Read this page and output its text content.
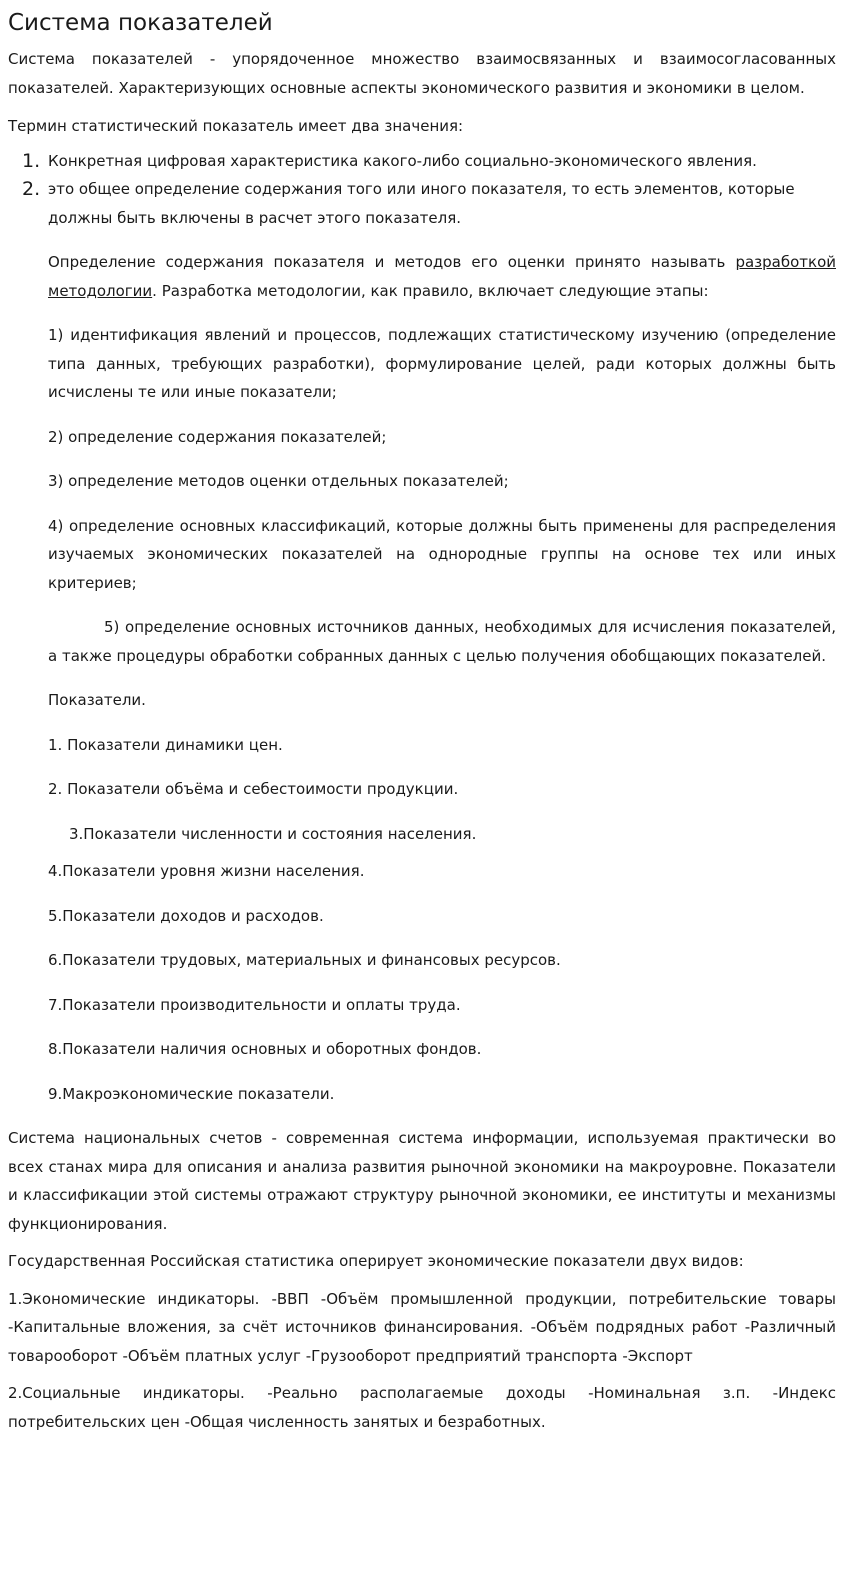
Система показателей

Система показателей - упорядоченное множество взаимосвязанных и взаимосогласованных показателей. Характеризующих основные аспекты экономического развития и экономики в целом.

Термин статистический показатель имеет два значения:

1. Конкретная цифровая характеристика какого-либо социально-экономического явления.
2. это общее определение содержания того или иного показателя, то есть элементов, которые должны быть включены в расчет этого показателя.

Определение содержания показателя и методов его оценки принято называть разработкой методологии. Разработка методологии, как правило, включает следующие этапы:

1) идентификация явлений и процессов, подлежащих статистическому изучению (определение типа данных, требующих разработки), формулирование целей, ради которых должны быть исчислены те или иные показатели;

2) определение содержания показателей;

3) определение методов оценки отдельных показателей;

4) определение основных классификаций, которые должны быть применены для распределения изучаемых экономических показателей на однородные группы на основе тех или иных критериев;

5) определение основных источников данных, необходимых для исчисления показателей, а также процедуры обработки собранных данных с целью получения обобщающих показателей.

Показатели.

1. Показатели динамики цен.

2. Показатели объёма и себестоимости продукции.

3.Показатели численности и состояния населения.

4.Показатели уровня жизни населения.

5.Показатели доходов и расходов.

6.Показатели трудовых, материальных и финансовых ресурсов.

7.Показатели производительности и оплаты труда.

8.Показатели наличия основных и оборотных фондов.

9.Макроэкономические показатели.

Система национальных счетов - современная система информации, используемая практически во всех станах мира для описания и анализа развития рыночной экономики на макроуровне. Показатели и классификации этой системы отражают структуру рыночной экономики, ее институты и механизмы функционирования.

Государственная Российская статистика оперирует экономические показатели двух видов:

1.Экономические индикаторы. -ВВП -Объём промышленной продукции, потребительские товары -Капитальные вложения, за счёт источников финансирования. -Объём подрядных работ -Различный товарооборот -Объём платных услуг -Грузооборот предприятий транспорта -Экспорт

2.Социальные индикаторы. -Реально располагаемые доходы -Номинальная з.п. -Индекс потребительских цен -Общая численность занятых и безработных.
